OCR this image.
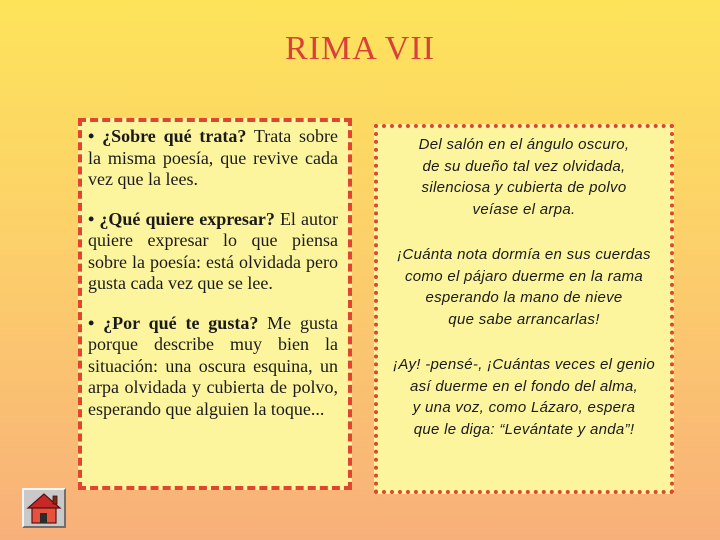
RIMA VII

• ¿Sobre qué trata? Trata sobre la misma poesía, que revive cada vez que la lees.

• ¿Qué quiere expresar? El autor quiere expresar lo que piensa sobre la poesía: está olvidada pero gusta cada vez que se lee.

• ¿Por qué te gusta? Me gusta porque describe muy bien la situación: una oscura esquina, un arpa olvidada y cubierta de polvo, esperando que alguien la toque...

Del salón en el ángulo oscuro,
de su dueño tal vez olvidada,
silenciosa y cubierta de polvo
veíase el arpa.
¡Cuánta nota dormía en sus cuerdas
como el pájaro duerme en la rama
esperando la mano de nieve
que sabe arrancarlas!
¡Ay! -pensé-, ¡Cuántas veces el genio
así duerme en el fondo del alma,
y una voz, como Lázaro, espera
que le diga: “Levántate y anda”!
